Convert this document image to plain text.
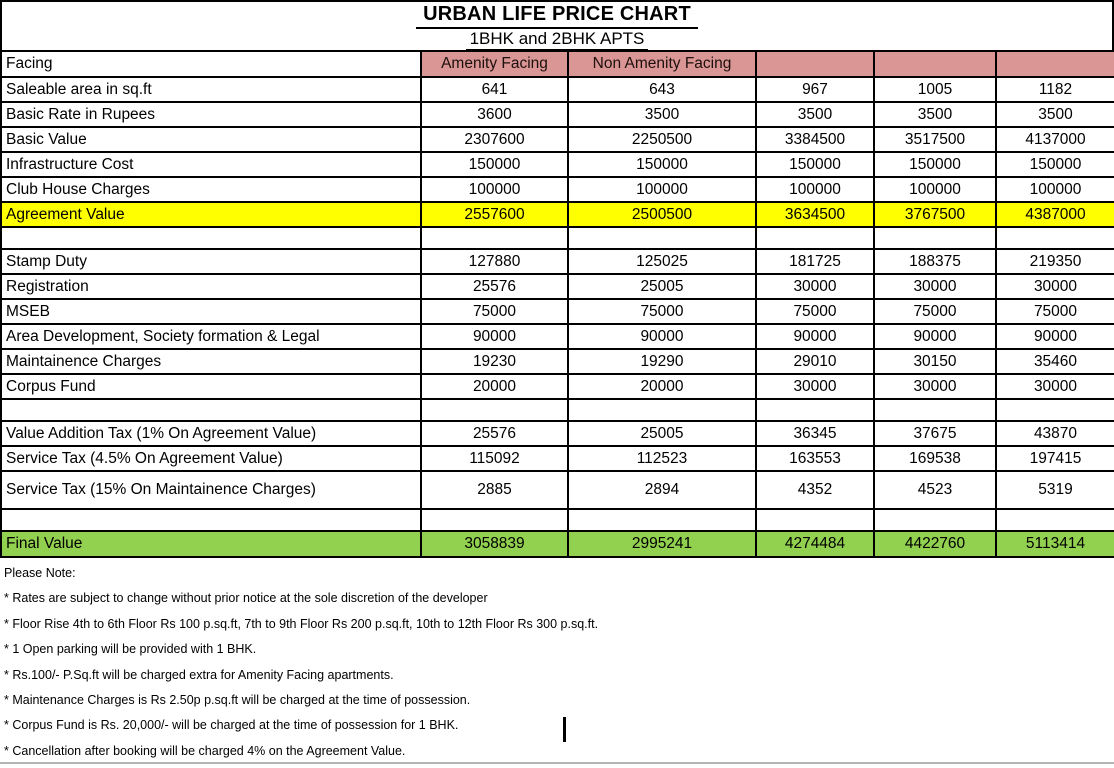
URBAN LIFE PRICE CHART
1BHK and 2BHK APTS
Facing	Amenity Facing	Non Amenity Facing			
Saleable area in sq.ft	641	643	967	1005	1182
Basic Rate in Rupees	3600	3500	3500	3500	3500
Basic Value	2307600	2250500	3384500	3517500	4137000
Infrastructure Cost	150000	150000	150000	150000	150000
Club House Charges	100000	100000	100000	100000	100000
Agreement Value	2557600	2500500	3634500	3767500	4387000

Stamp Duty	127880	125025	181725	188375	219350
Registration	25576	25005	30000	30000	30000
MSEB	75000	75000	75000	75000	75000
Area Development, Society formation & Legal	90000	90000	90000	90000	90000
Maintainence Charges	19230	19290	29010	30150	35460
Corpus Fund	20000	20000	30000	30000	30000

Value Addition Tax (1% On Agreement Value)	25576	25005	36345	37675	43870
Service Tax (4.5% On Agreement Value)	115092	112523	163553	169538	197415
Service Tax (15% On Maintainence Charges)	2885	2894	4352	4523	5319

Final Value	3058839	2995241	4274484	4422760	5113414
Please Note:
* Rates are subject to change without prior notice at the sole discretion of the developer
* Floor Rise 4th to 6th Floor Rs 100 p.sq.ft, 7th to 9th Floor Rs 200 p.sq.ft, 10th to 12th Floor Rs 300 p.sq.ft.
* 1 Open parking will be provided with 1 BHK.
* Rs.100/- P.Sq.ft will be charged extra for Amenity Facing apartments.
* Maintenance Charges is Rs 2.50p p.sq.ft will be charged at the time of possession.
* Corpus Fund is Rs. 20,000/- will be charged at the time of possession for 1 BHK.
* Cancellation after booking will be charged 4% on the Agreement Value.
